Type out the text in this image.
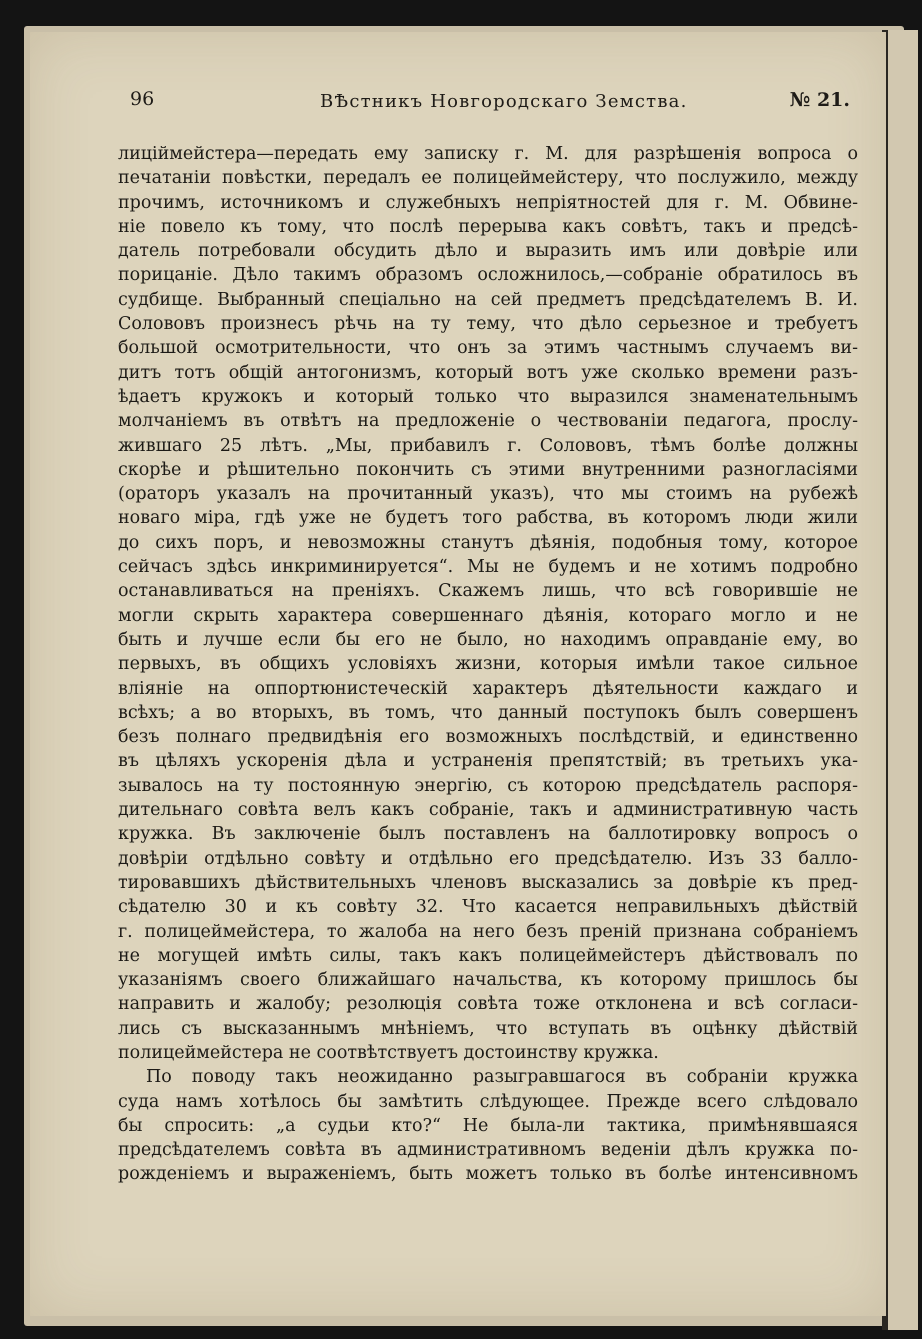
96	ВѢстникъ Новгородскаго Земства.	№ 21.
лиціймейстера—передать ему записку г. М. для разрѣшенія вопроса о
печатаніи повѣстки, передалъ ее полицеймейстеру, что послужило, между
прочимъ, источникомъ и служебныхъ непріятностей для г. М. Обвине-
ніе повело къ тому, что послѣ перерыва какъ совѣтъ, такъ и предсѣ-
датель потребовали обсудить дѣло и выразить имъ или довѣріе или
порицаніе. Дѣло такимъ образомъ осложнилось,—собраніе обратилось въ
судбище. Выбранный спеціально на сей предметъ предсѣдателемъ В. И.
Солововъ произнесъ рѣчь на ту тему, что дѣло серьезное и требуетъ
большой осмотрительности, что онъ за этимъ частнымъ случаемъ ви-
дитъ тотъ общій антогонизмъ, который вотъ уже сколько времени разъ-
ѣдаетъ кружокъ и который только что выразился знаменательнымъ
молчаніемъ въ отвѣтъ на предложеніе о чествованіи педагога, прослу-
жившаго 25 лѣтъ. „Мы, прибавилъ г. Солововъ, тѣмъ болѣе должны
скорѣе и рѣшительно покончить съ этими внутренними разногласіями
(ораторъ указалъ на прочитанный указъ), что мы стоимъ на рубежѣ
новаго міра, гдѣ уже не будетъ того рабства, въ которомъ люди жили
до сихъ поръ, и невозможны станутъ дѣянія, подобныя тому, которое
сейчасъ здѣсь инкриминируется“. Мы не будемъ и не хотимъ подробно
останавливаться на преніяхъ. Скажемъ лишь, что всѣ говорившіе не
могли скрыть характера совершеннаго дѣянія, котораго могло и не
быть и лучше если бы его не было, но находимъ оправданіе ему, во
первыхъ, въ общихъ условіяхъ жизни, которыя имѣли такое сильное
вліяніе на оппортюнистеческій характеръ дѣятельности каждаго и
всѣхъ; а во вторыхъ, въ томъ, что данный поступокъ былъ совершенъ
безъ полнаго предвидѣнія его возможныхъ послѣдствій, и единственно
въ цѣляхъ ускоренія дѣла и устраненія препятствій; въ третьихъ ука-
зывалось на ту постоянную энергію, съ которою предсѣдатель распоря-
дительнаго совѣта велъ какъ собраніе, такъ и административную часть
кружка. Въ заключеніе былъ поставленъ на баллотировку вопросъ о
довѣріи отдѣльно совѣту и отдѣльно его предсѣдателю. Изъ 33 балло-
тировавшихъ дѣйствительныхъ членовъ высказались за довѣріе къ пред-
сѣдателю 30 и къ совѣту 32. Что касается неправильныхъ дѣйствій
г. полицеймейстера, то жалоба на него безъ преній признана собраніемъ
не могущей имѣть силы, такъ какъ полицеймейстеръ дѣйствовалъ по
указаніямъ своего ближайшаго начальства, къ которому пришлось бы
направить и жалобу; резолюція совѣта тоже отклонена и всѣ согласи-
лись съ высказаннымъ мнѣніемъ, что вступать въ оцѣнку дѣйствій
полицеймейстера не соотвѣтствуетъ достоинству кружка.
По поводу такъ неожиданно разыгравшагося въ собраніи кружка
суда намъ хотѣлось бы замѣтить слѣдующее. Прежде всего слѣдовало
бы спросить: „а судьи кто?“ Не была-ли тактика, примѣнявшаяся
предсѣдателемъ совѣта въ административномъ веденіи дѣлъ кружка по-
рожденіемъ и выраженіемъ, быть можетъ только въ болѣе интенсивномъ
